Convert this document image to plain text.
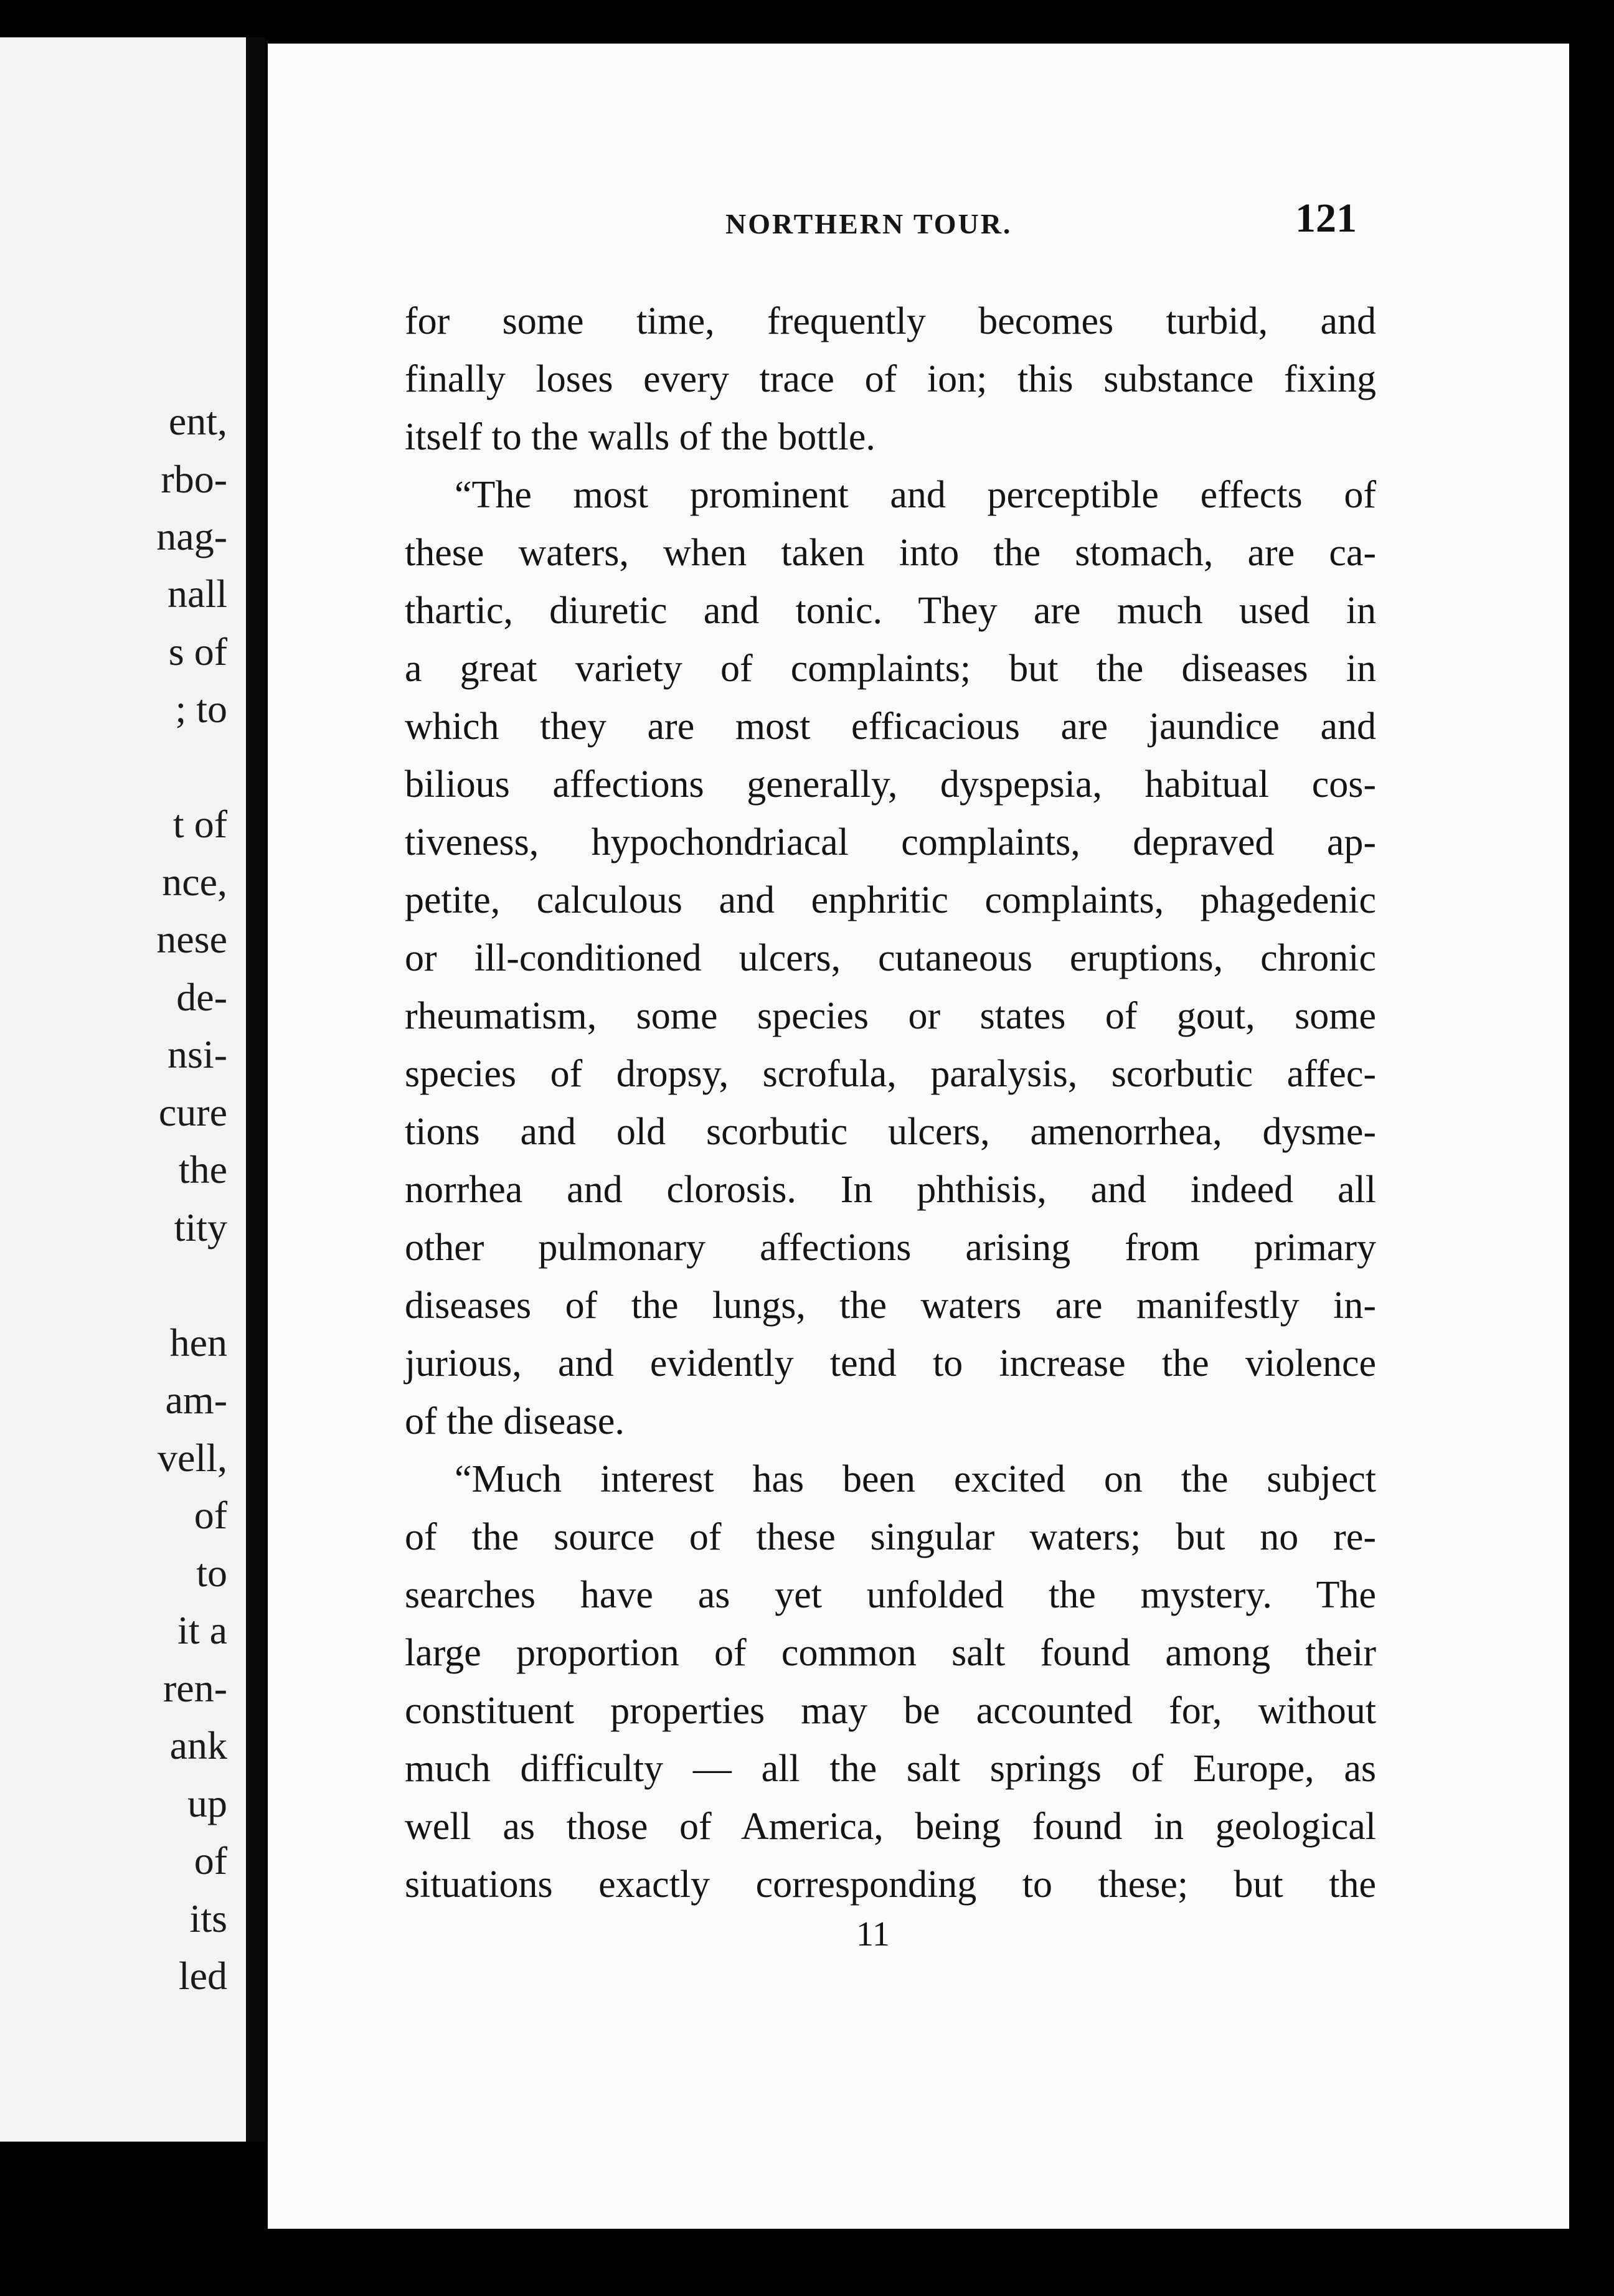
ent,
rbo-
nag-
nall
s of
; to
t of
nce,
nese
de-
nsi-
cure
the
tity
hen
am-
vell,
of
to
it a
ren-
ank
up
of
its
led
NORTHERN TOUR.	121
for some time, frequently becomes turbid, and
finally loses every trace of ion; this substance fixing
itself to the walls of the bottle.
“The most prominent and perceptible effects of
these waters, when taken into the stomach, are ca-
thartic, diuretic and tonic. They are much used in
a great variety of complaints; but the diseases in
which they are most efficacious are jaundice and
bilious affections generally, dyspepsia, habitual cos-
tiveness, hypochondriacal complaints, depraved ap-
petite, calculous and enphritic complaints, phagedenic
or ill-conditioned ulcers, cutaneous eruptions, chronic
rheumatism, some species or states of gout, some
species of dropsy, scrofula, paralysis, scorbutic affec-
tions and old scorbutic ulcers, amenorrhea, dysme-
norrhea and clorosis. In phthisis, and indeed all
other pulmonary affections arising from primary
diseases of the lungs, the waters are manifestly in-
jurious, and evidently tend to increase the violence
of the disease.
“Much interest has been excited on the subject
of the source of these singular waters; but no re-
searches have as yet unfolded the mystery. The
large proportion of common salt found among their
constituent properties may be accounted for, without
much difficulty — all the salt springs of Europe, as
well as those of America, being found in geological
situations exactly corresponding to these; but the
11
